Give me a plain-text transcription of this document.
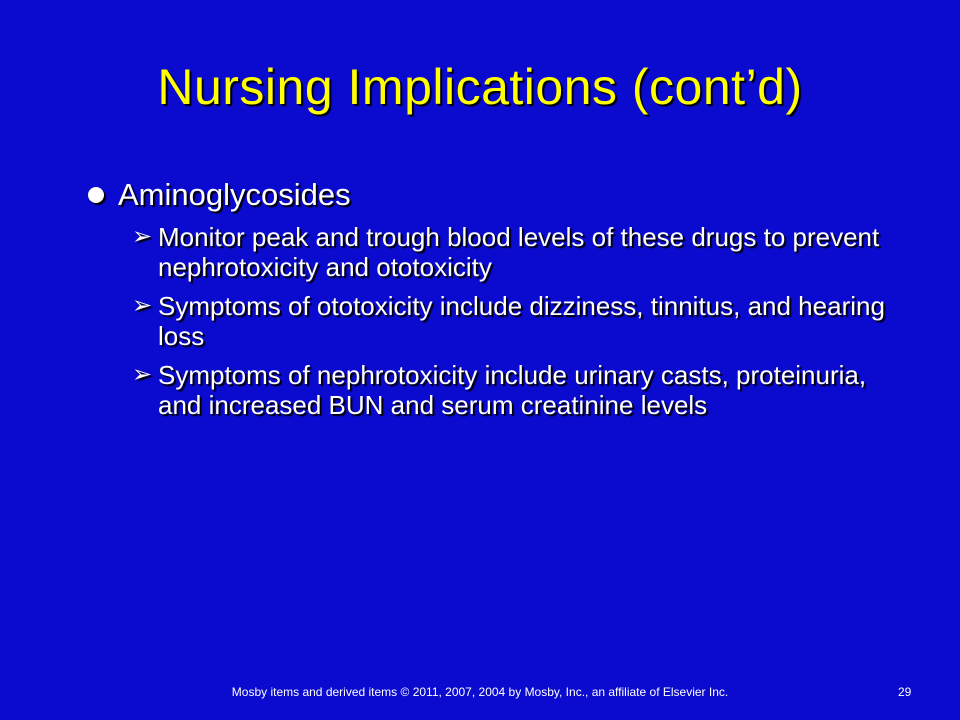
Nursing Implications (cont’d)
Aminoglycosides
➢ Monitor peak and trough blood levels of these drugs to prevent nephrotoxicity and ototoxicity
➢ Symptoms of ototoxicity include dizziness, tinnitus, and hearing loss
➢ Symptoms of nephrotoxicity include urinary casts, proteinuria, and increased BUN and serum creatinine levels
Mosby items and derived items © 2011, 2007, 2004 by Mosby, Inc., an affiliate of Elsevier Inc.	29
